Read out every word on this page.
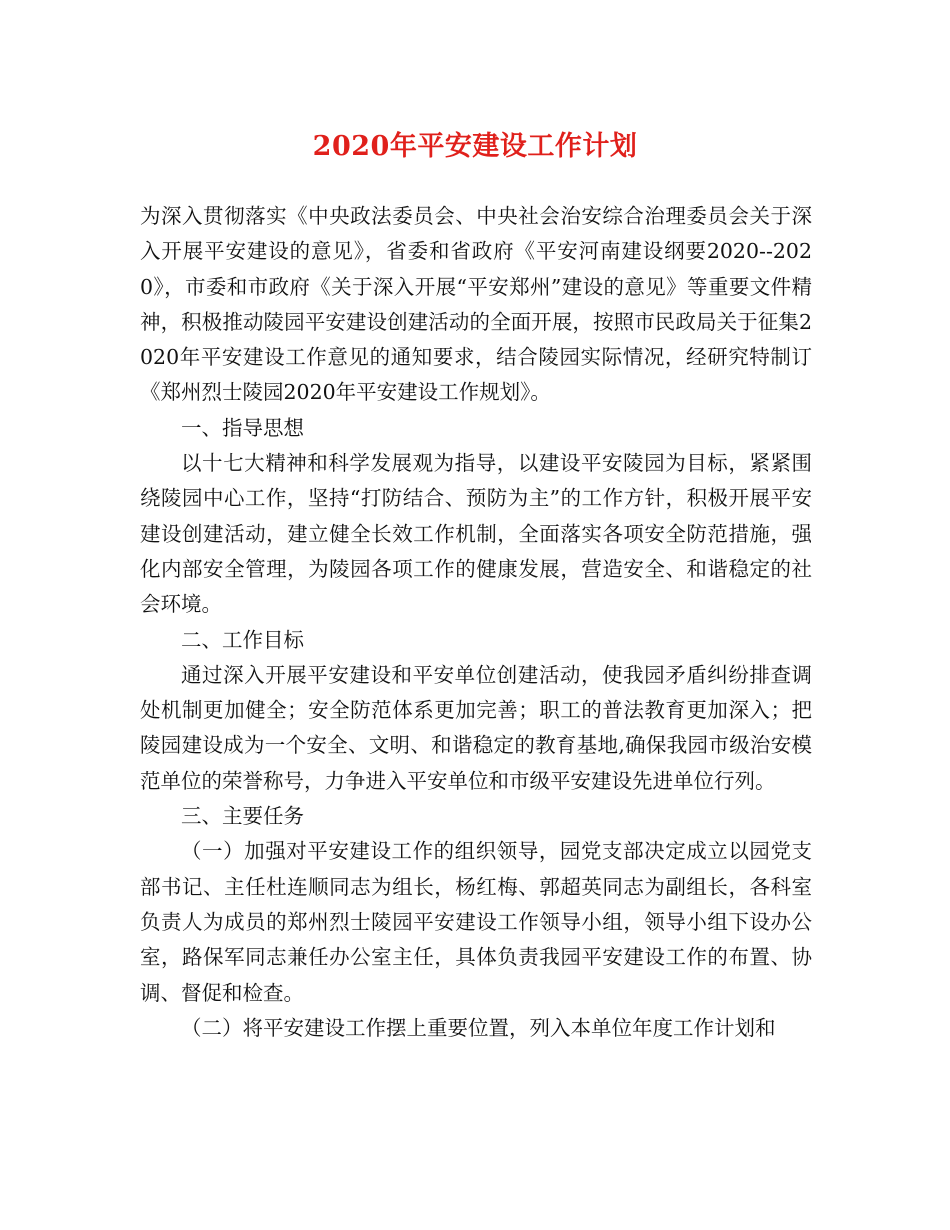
2020年平安建设工作计划

为深入贯彻落实《中央政法委员会、中央社会治安综合治理委员会关于深入开展平安建设的意见》，省委和省政府《平安河南建设纲要2020--2020》，市委和市政府《关于深入开展“平安郑州”建设的意见》等重要文件精神，积极推动陵园平安建设创建活动的全面开展，按照市民政局关于征集2020年平安建设工作意见的通知要求，结合陵园实际情况，经研究特制订《郑州烈士陵园2020年平安建设工作规划》。

一、指导思想

以十七大精神和科学发展观为指导，以建设平安陵园为目标，紧紧围绕陵园中心工作，坚持“打防结合、预防为主”的工作方针，积极开展平安建设创建活动，建立健全长效工作机制，全面落实各项安全防范措施，强化内部安全管理，为陵园各项工作的健康发展，营造安全、和谐稳定的社会环境。

二、工作目标

通过深入开展平安建设和平安单位创建活动，使我园矛盾纠纷排查调处机制更加健全；安全防范体系更加完善；职工的普法教育更加深入；把陵园建设成为一个安全、文明、和谐稳定的教育基地,确保我园市级治安模范单位的荣誉称号，力争进入平安单位和市级平安建设先进单位行列。

三、主要任务

（一）加强对平安建设工作的组织领导，园党支部决定成立以园党支部书记、主任杜连顺同志为组长，杨红梅、郭超英同志为副组长，各科室负责人为成员的郑州烈士陵园平安建设工作领导小组，领导小组下设办公室，路保军同志兼任办公室主任，具体负责我园平安建设工作的布置、协调、督促和检查。

（二）将平安建设工作摆上重要位置，列入本单位年度工作计划和
